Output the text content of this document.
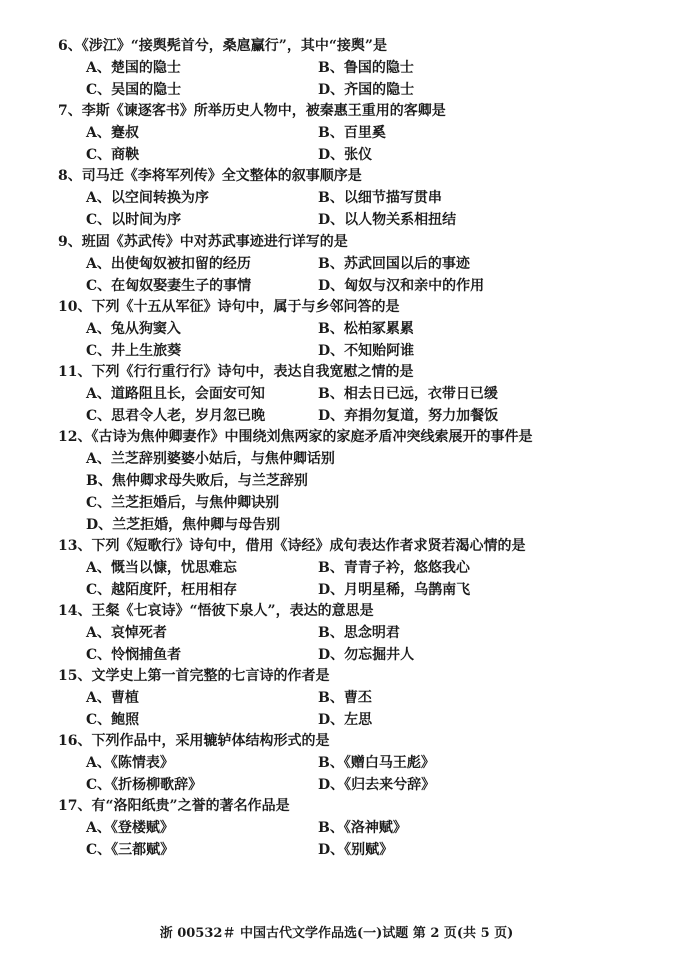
6、《涉江》“接舆髡首兮，桑扈臝行”，其中“接舆”是
A、楚国的隐士	B、鲁国的隐士
C、吴国的隐士	D、齐国的隐士
7、李斯《谏逐客书》所举历史人物中，被秦惠王重用的客卿是
A、蹇叔	B、百里奚
C、商鞅	D、张仪
8、司马迁《李将军列传》全文整体的叙事顺序是
A、以空间转换为序	B、以细节描写贯串
C、以时间为序	D、以人物关系相扭结
9、班固《苏武传》中对苏武事迹进行详写的是
A、出使匈奴被扣留的经历	B、苏武回国以后的事迹
C、在匈奴娶妻生子的事情	D、匈奴与汉和亲中的作用
10、下列《十五从军征》诗句中，属于与乡邻问答的是
A、兔从狗窦入	B、松柏冢累累
C、井上生旅葵	D、不知贻阿谁
11、下列《行行重行行》诗句中，表达自我宽慰之情的是
A、道路阻且长，会面安可知	B、相去日已远，衣带日已缓
C、思君令人老，岁月忽已晚	D、弃捐勿复道，努力加餐饭
12、《古诗为焦仲卿妻作》中围绕刘焦两家的家庭矛盾冲突线索展开的事件是
A、兰芝辞别婆婆小姑后，与焦仲卿话别
B、焦仲卿求母失败后，与兰芝辞别
C、兰芝拒婚后，与焦仲卿诀别
D、兰芝拒婚，焦仲卿与母告别
13、下列《短歌行》诗句中，借用《诗经》成句表达作者求贤若渴心情的是
A、慨当以慷，忧思难忘	B、青青子衿，悠悠我心
C、越陌度阡，枉用相存	D、月明星稀，乌鹊南飞
14、王粲《七哀诗》“悟彼下泉人”，表达的意思是
A、哀悼死者	B、思念明君
C、怜悯捕鱼者	D、勿忘掘井人
15、文学史上第一首完整的七言诗的作者是
A、曹植	B、曹丕
C、鲍照	D、左思
16、下列作品中，采用辘轳体结构形式的是
A、《陈情表》	B、《赠白马王彪》
C、《折杨柳歌辞》	D、《归去来兮辞》
17、有“洛阳纸贵”之誉的著名作品是
A、《登楼赋》	B、《洛神赋》
C、《三都赋》	D、《别赋》
浙 00532＃ 中国古代文学作品选(一)试题 第 2 页(共 5 页)
